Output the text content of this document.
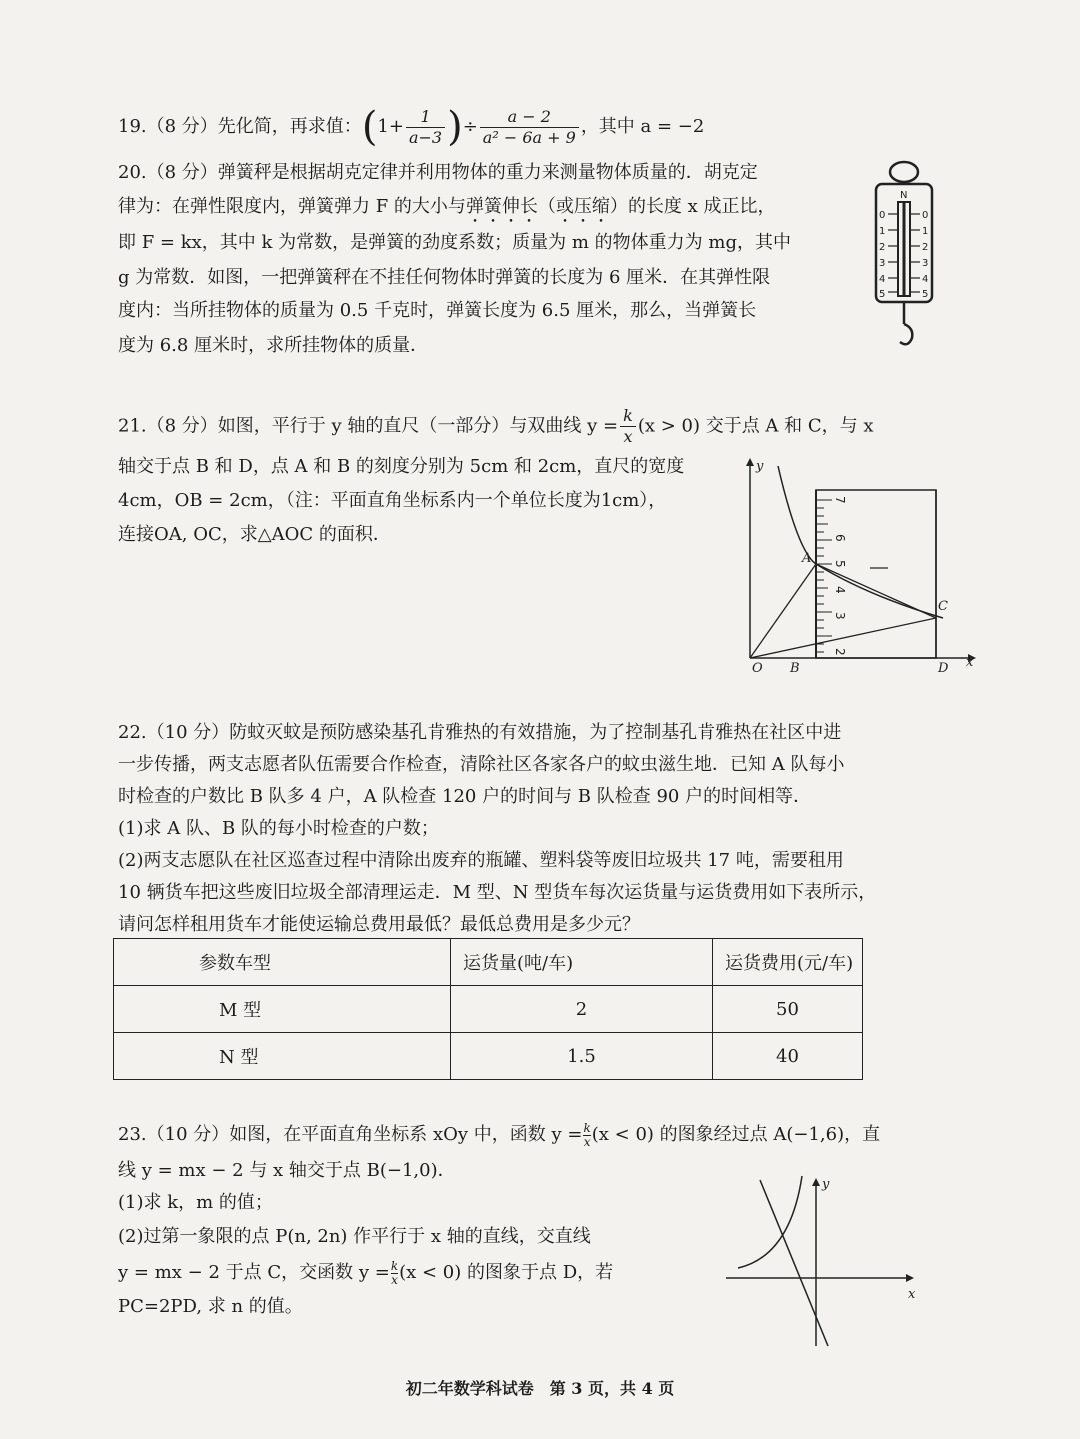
19.（8 分）先化简，再求值：($1+ \frac{1}{a-3}$ )÷ $\frac{a - 2}{\text{a² − 6a + 9}}$ ，其中 a = −2
20.（8 分）弹簧秤是根据胡克定律并利用物体的重力来测量物体质量的．胡克定
律为：在弹性限度内，弹簧弹力 F 的大小与弹簧伸长（或压缩）的长度 x 成正比，
即 F = kx，其中 k 为常数，是弹簧的劲度系数；质量为 m 的物体重力为 mg，其中
g 为常数．如图，一把弹簧秤在不挂任何物体时弹簧的长度为 6 厘米．在其弹性限
度内：当所挂物体的质量为 0.5 千克时，弹簧长度为 6.5 厘米，那么，当弹簧长
度为 6.8 厘米时，求所挂物体的质量．
N
0
1
2
3
4
5
0
1
2
3
4
5
21.（8 分）如图，平行于 y 轴的直尺（一部分）与双曲线 $y = \frac{k}{x} (x > 0)$ 交于点 A 和 C，与 x
轴交于点 B 和 D，点 A 和 B 的刻度分别为 5cm 和 2cm，直尺的宽度
4cm，OB = 2cm，（注：平面直角坐标系内一个单位长度为1cm），
连接OA, OC，求△AOC 的面积．
y
x
2
3
4
5
6
7
O
A
B
C
D
22.（10 分）防蚊灭蚊是预防感染基孔肯雅热的有效措施，为了控制基孔肯雅热在社区中进
一步传播，两支志愿者队伍需要合作检查，清除社区各家各户的蚊虫滋生地．已知 A 队每小
时检查的户数比 B 队多 4 户，A 队检查 120 户的时间与 B 队检查 90 户的时间相等．
(1)求 A 队、B 队的每小时检查的户数；
(2)两支志愿队在社区巡查过程中清除出废弃的瓶罐、塑料袋等废旧垃圾共 17 吨，需要租用
10 辆货车把这些废旧垃圾全部清理运走．M 型、N 型货车每次运货量与运货费用如下表所示，
请问怎样租用货车才能使运输总费用最低？最低总费用是多少元？
参数车型	运货量(吨/车)	运货费用(元/车)
M 型	2	50
N 型	1.5	40
23.（10 分）如图，在平面直角坐标系 xOy 中，函数 $y = \frac{k}{x} (x < 0)$ 的图象经过点 A(−1,6)，直
线 y = mx − 2 与 x 轴交于点 B(−1,0)．
(1)求 k，m 的值；
(2)过第一象限的点 P(n, 2n) 作平行于 x 轴的直线，交直线
y = mx − 2 于点 C，交函数 $y = \frac{k}{x} (x < 0)$ 的图象于点 D，若
PC=2PD, 求 n 的值。
y
x
初二年数学科试卷　第 3 页，共 4 页
